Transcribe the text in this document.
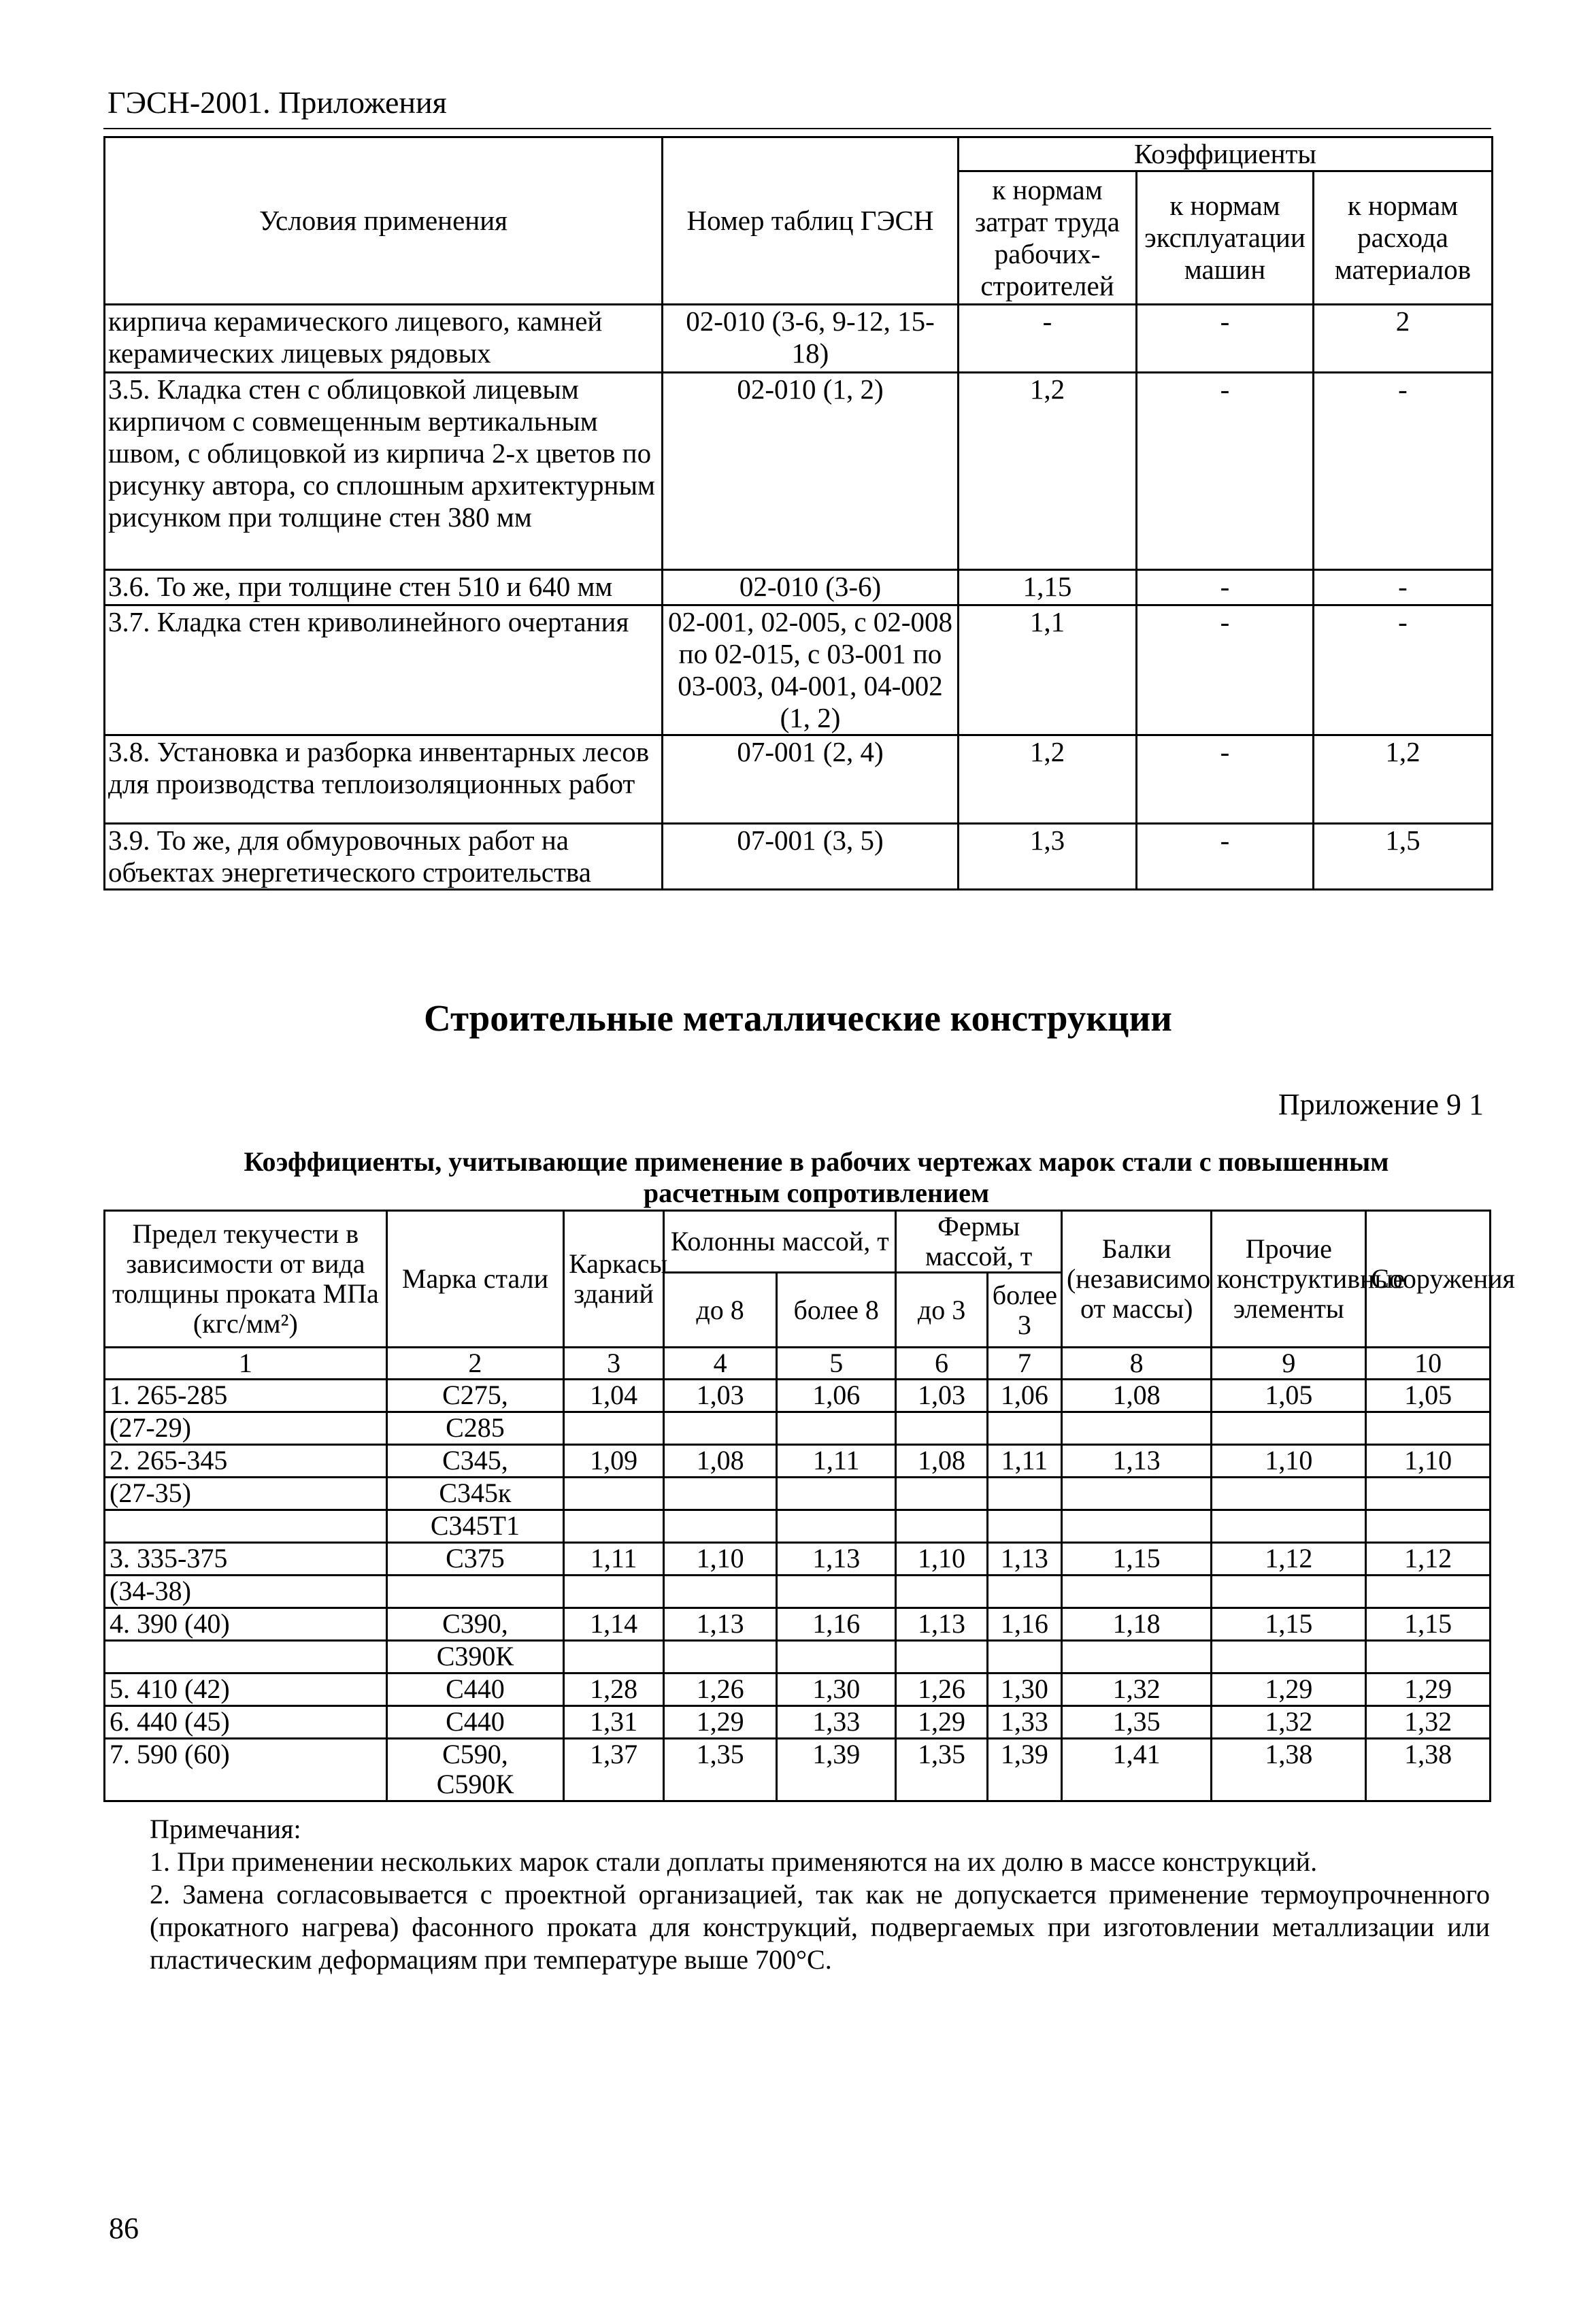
ГЭСН-2001. Приложения
Условия применения	Номер таблиц ГЭСН	Коэффициенты		
		к нормам затрат труда рабочих-строителей	к нормам эксплуатации машин	к нормам расхода материалов
кирпича керамического лицевого, камней керамических лицевых рядовых	02-010 (3-6, 9-12, 15-18)	-	-	2
3.5. Кладка стен с облицовкой лицевым кирпичом с совмещенным вертикальным швом, с облицовкой из кирпича 2-х цветов по рисунку автора, со сплошным архитектурным рисунком при толщине стен 380 мм	02-010 (1, 2)	1,2	-	-
3.6. То же, при толщине стен 510 и 640 мм	02-010 (3-6)	1,15	-	-
3.7. Кладка стен криволинейного очертания	02-001, 02-005, с 02-008 по 02-015, с 03-001 по 03-003, 04-001, 04-002 (1, 2)	1,1	-	-
3.8. Установка и разборка инвентарных лесов для производства теплоизоляционных работ	07-001 (2, 4)	1,2	-	1,2
3.9. То же, для обмуровочных работ на объектах энергетического строительства	07-001 (3, 5)	1,3	-	1,5
Строительные металлические конструкции
Приложение 9 1
Коэффициенты, учитывающие применение в рабочих чертежах марок стали с повышенным расчетным сопротивлением
Предел текучести в зависимости от вида толщины проката МПа (кгс/мм²)	Марка стали	Каркасы зданий	Колонны массой, т		Фермы массой, т		Балки (независимо от массы)	Прочие конструктивные элементы	Сооружения
			до 8	более 8	до 3	более 3			
1	2	3	4	5	6	7	8	9	10
1. 265-285	С275,	1,04	1,03	1,06	1,03	1,06	1,08	1,05	1,05
(27-29)	С285								
2. 265-345	С345,	1,09	1,08	1,11	1,08	1,11	1,13	1,10	1,10
(27-35)	С345к								
	С345Т1								
3. 335-375	С375	1,11	1,10	1,13	1,10	1,13	1,15	1,12	1,12
(34-38)									
4. 390 (40)	С390,	1,14	1,13	1,16	1,13	1,16	1,18	1,15	1,15
	С390К								
5. 410 (42)	С440	1,28	1,26	1,30	1,26	1,30	1,32	1,29	1,29
6. 440 (45)	С440	1,31	1,29	1,33	1,29	1,33	1,35	1,32	1,32
7. 590 (60)	С590, С590К	1,37	1,35	1,39	1,35	1,39	1,41	1,38	1,38

Примечания:

1. При применении нескольких марок стали доплаты применяются на их долю в массе конструкций.

2. Замена согласовывается с проектной организацией, так как не допускается применение термоупрочненного (прокатного нагрева) фасонного проката для конструкций, подвергаемых при изготовлении металлизации или пластическим деформациям при температуре выше 700°С.

86
